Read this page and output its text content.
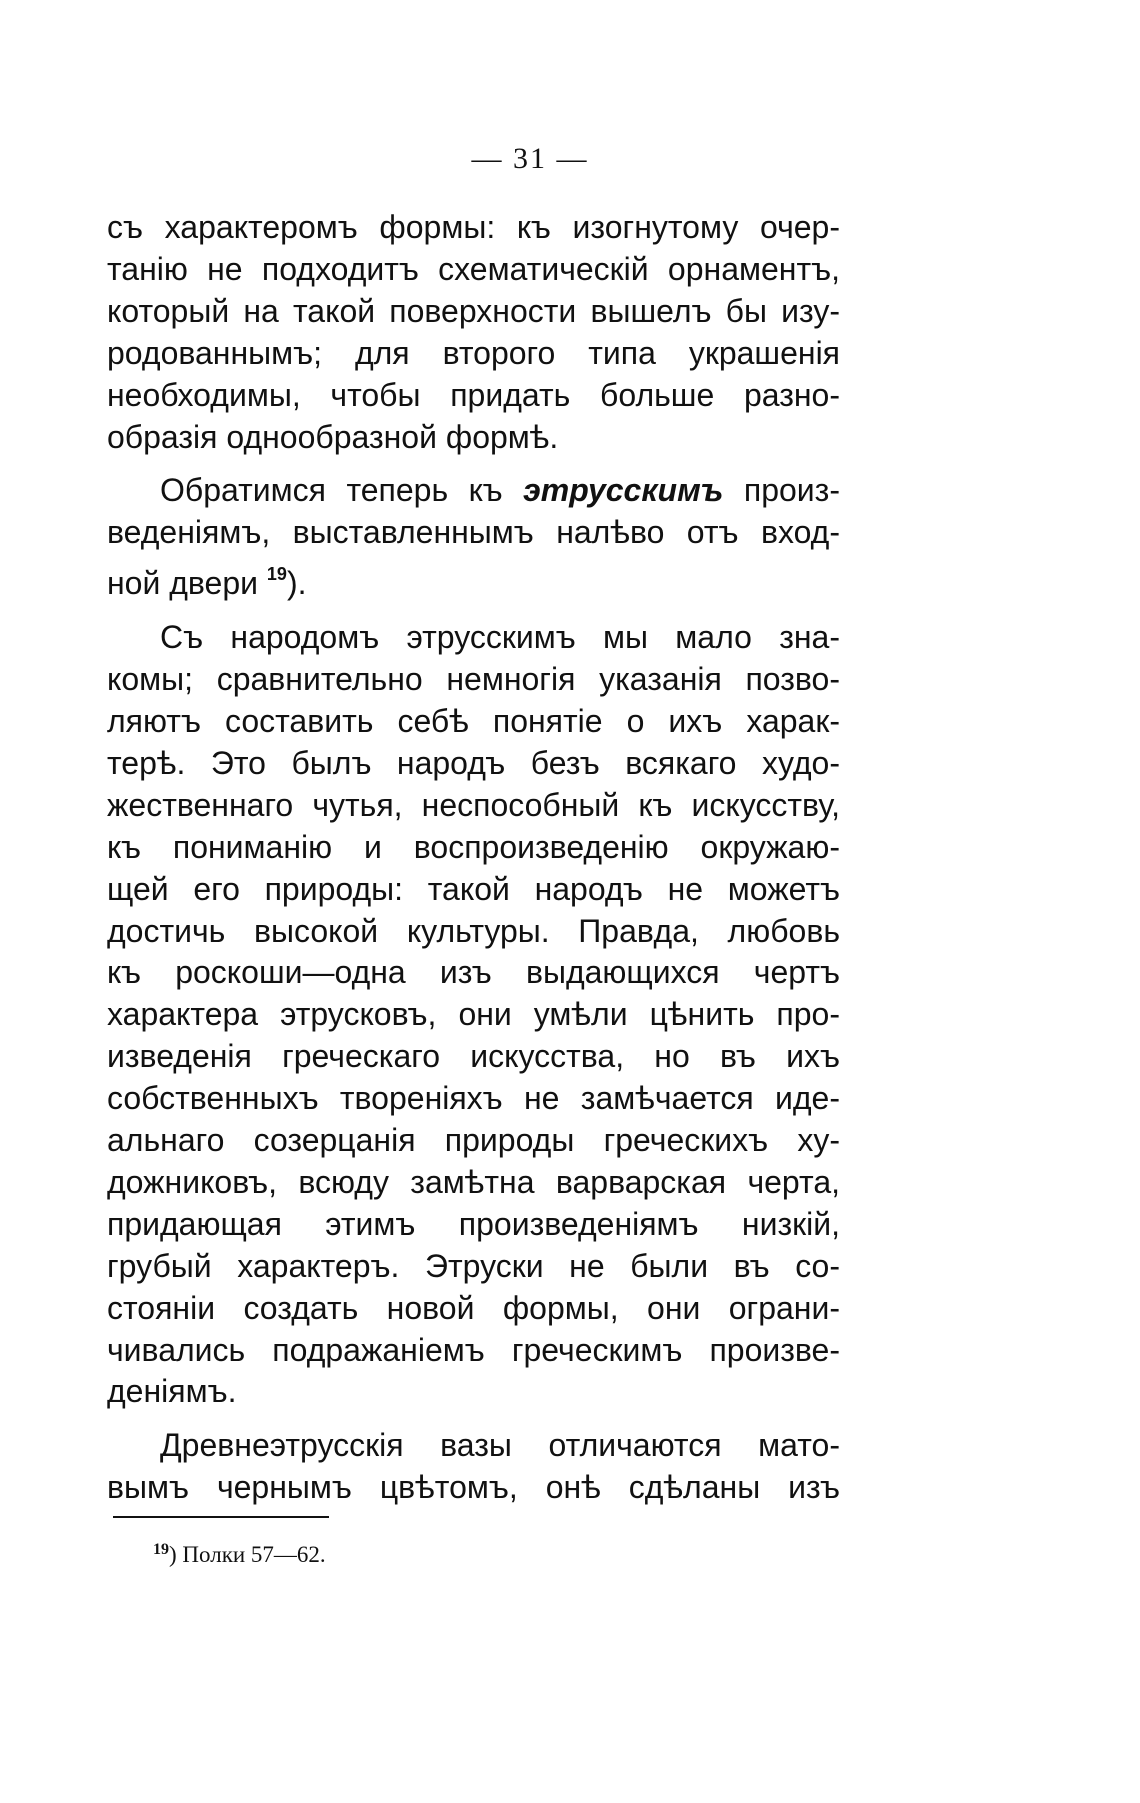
— 31 —

съ характеромъ формы: къ изогнутому очер-
танію не подходитъ схематическій орнаментъ,
который на такой поверхности вышелъ бы изу-
родованнымъ; для второго типа украшенія
необходимы, чтобы придать больше разно-
образія однообразной формѣ.

Обратимся теперь къ этрусскимъ произ-
веденіямъ, выставленнымъ налѣво отъ вход-
ной двери $^{19}$).

Съ народомъ этрусскимъ мы мало зна-
комы; сравнительно немногія указанія позво-
ляютъ составить себѣ понятіе о ихъ харак-
терѣ. Это былъ народъ безъ всякаго худо-
жественнаго чутья, неспособный къ искусству,
къ пониманію и воспроизведенію окружаю-
щей его природы: такой народъ не можетъ
достичь высокой культуры. Правда, любовь
къ роскоши—одна изъ выдающихся чертъ
характера этрусковъ, они умѣли цѣнить про-
изведенія греческаго искусства, но въ ихъ
собственныхъ твореніяхъ не замѣчается иде-
альнаго созерцанія природы греческихъ ху-
дожниковъ, всюду замѣтна варварская черта,
придающая этимъ произведеніямъ низкій,
грубый характеръ. Этруски не были въ со-
стояніи создать новой формы, они ограни-
чивались подражаніемъ греческимъ произве-
деніямъ.

Древнеэтрусскія вазы отличаются мато-
вымъ чернымъ цвѣтомъ, онѣ сдѣланы изъ

$^{19}$) Полки 57—62.
